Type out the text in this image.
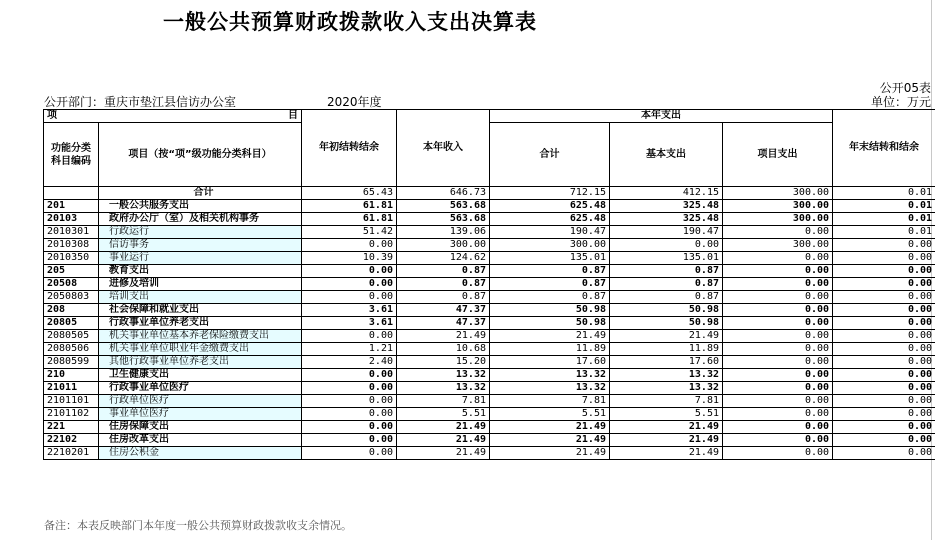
一般公共预算财政拨款收入支出决算表
公开05表
公开部门：重庆市垫江县信访办公室	2020年度	单位：万元
项 目		年初结转结余	本年收入	本年支出			年末结转和结余
功能分类科目编码	项目（按“项”级功能分类科目）			合计	基本支出	项目支出	
	合计	65.43	646.73	712.15	412.15	300.00	0.01
201	一般公共服务支出	61.81	563.68	625.48	325.48	300.00	0.01
20103	政府办公厅（室）及相关机构事务	61.81	563.68	625.48	325.48	300.00	0.01
2010301	行政运行	51.42	139.06	190.47	190.47	0.00	0.01
2010308	信访事务	0.00	300.00	300.00	0.00	300.00	0.00
2010350	事业运行	10.39	124.62	135.01	135.01	0.00	0.00
205	教育支出	0.00	0.87	0.87	0.87	0.00	0.00
20508	进修及培训	0.00	0.87	0.87	0.87	0.00	0.00
2050803	培训支出	0.00	0.87	0.87	0.87	0.00	0.00
208	社会保障和就业支出	3.61	47.37	50.98	50.98	0.00	0.00
20805	行政事业单位养老支出	3.61	47.37	50.98	50.98	0.00	0.00
2080505	机关事业单位基本养老保险缴费支出	0.00	21.49	21.49	21.49	0.00	0.00
2080506	机关事业单位职业年金缴费支出	1.21	10.68	11.89	11.89	0.00	0.00
2080599	其他行政事业单位养老支出	2.40	15.20	17.60	17.60	0.00	0.00
210	卫生健康支出	0.00	13.32	13.32	13.32	0.00	0.00
21011	行政事业单位医疗	0.00	13.32	13.32	13.32	0.00	0.00
2101101	行政单位医疗	0.00	7.81	7.81	7.81	0.00	0.00
2101102	事业单位医疗	0.00	5.51	5.51	5.51	0.00	0.00
221	住房保障支出	0.00	21.49	21.49	21.49	0.00	0.00
22102	住房改革支出	0.00	21.49	21.49	21.49	0.00	0.00
2210201	住房公积金	0.00	21.49	21.49	21.49	0.00	0.00
备注：本表反映部门本年度一般公共预算财政拨款收支余情况。
